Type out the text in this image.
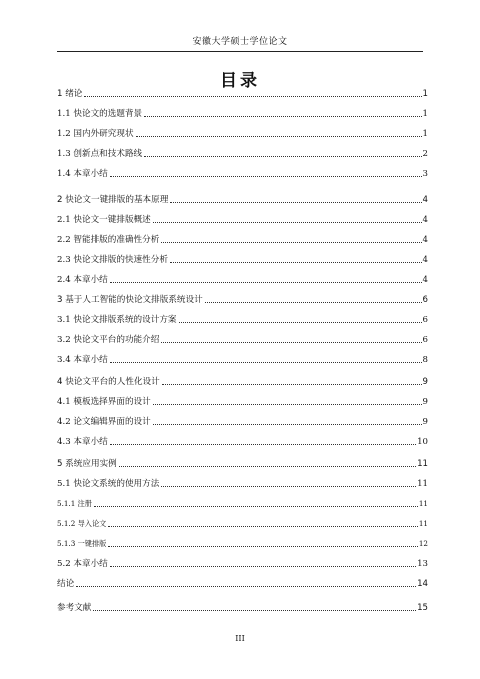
安徽大学硕士学位论文
目录
1 绪论	1
1.1 快论文的选题背景	1
1.2 国内外研究现状	1
1.3 创新点和技术路线	2
1.4 本章小结	3
2 快论文一键排版的基本原理	4
2.1 快论文一键排版概述	4
2.2 智能排版的准确性分析	4
2.3 快论文排版的快速性分析	4
2.4 本章小结	4
3 基于人工智能的快论文排版系统设计	6
3.1 快论文排版系统的设计方案	6
3.2 快论文平台的功能介绍	6
3.4 本章小结	8
4 快论文平台的人性化设计	9
4.1 模板选择界面的设计	9
4.2 论文编辑界面的设计	9
4.3 本章小结	10
5 系统应用实例	11
5.1 快论文系统的使用方法	11
5.1.1 注册	11
5.1.2 导入论文	11
5.1.3 一键排版	12
5.2 本章小结	13
结论	14
参考文献	15
III
